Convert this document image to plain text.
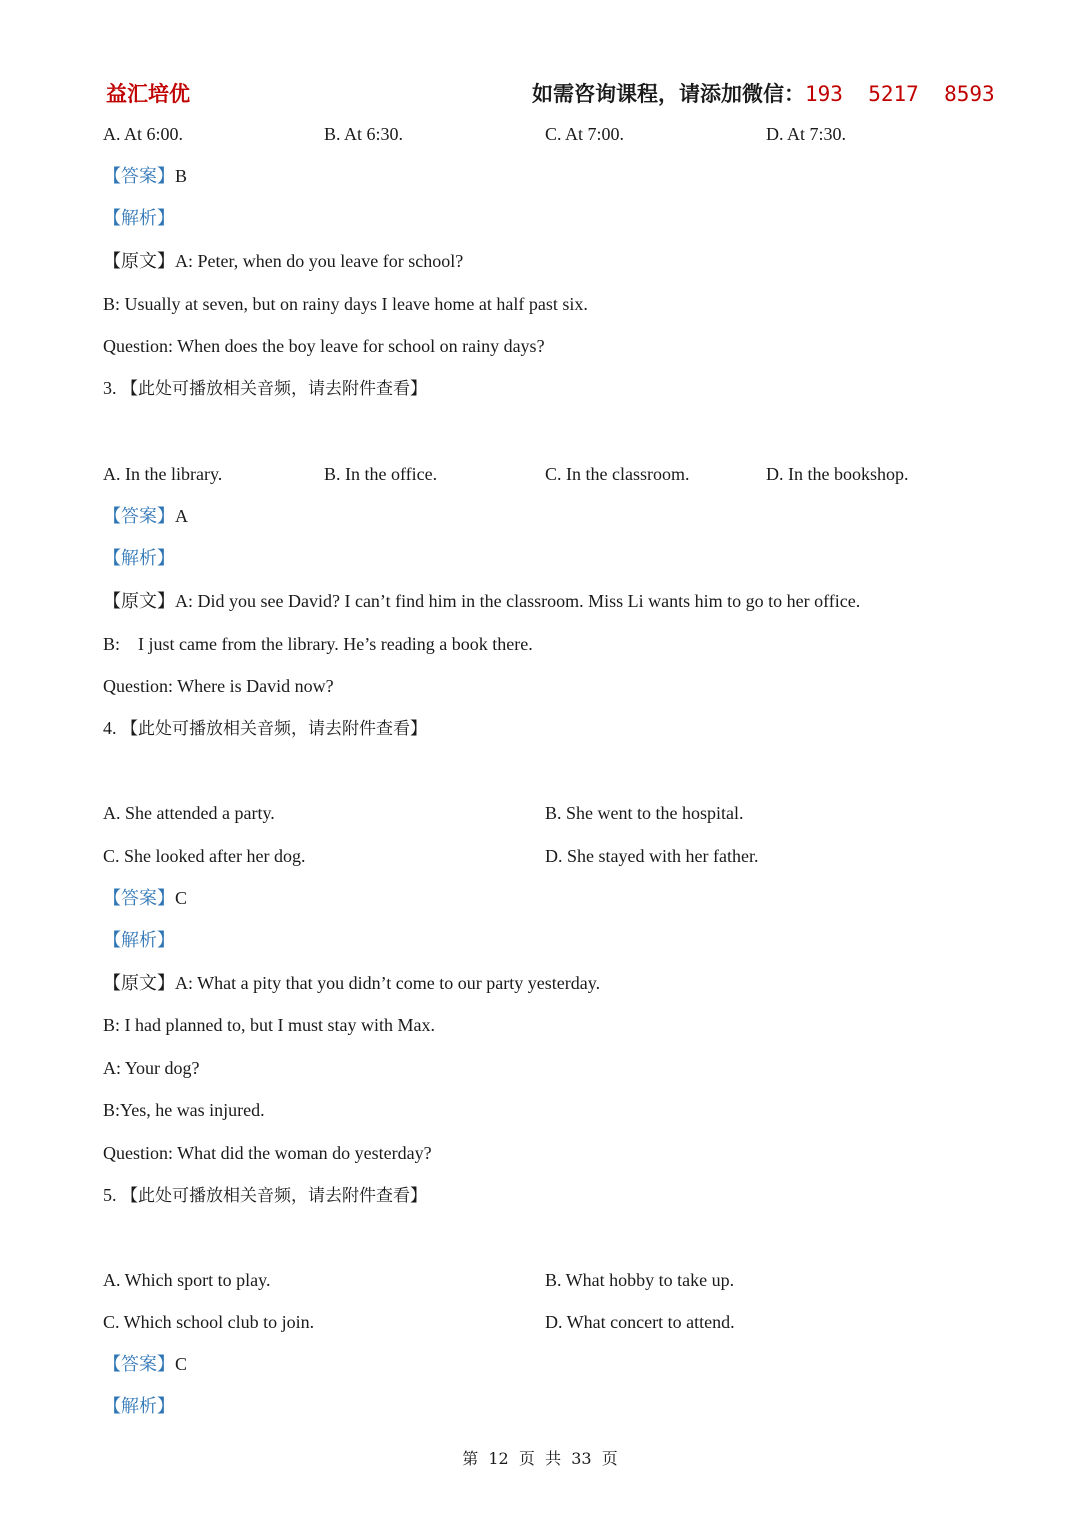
益汇培优	如需咨询课程，请添加微信：193  5217  8593
A. At 6:00.	B. At 6:30.	C. At 7:00.	D. At 7:30.
【答案】B
【解析】
【原文】A: Peter, when do you leave for school?
B: Usually at seven, but on rainy days I leave home at half past six.
Question: When does the boy leave for school on rainy days?
3. 【此处可播放相关音频，请去附件查看】
A. In the library.	B. In the office.	C. In the classroom.	D. In the bookshop.
【答案】A
【解析】
【原文】A: Did you see David? I can’t find him in the classroom. Miss Li wants him to go to her office.
B:    I just came from the library. He’s reading a book there.
Question: Where is David now?
4. 【此处可播放相关音频，请去附件查看】
A. She attended a party.	B. She went to the hospital.
C. She looked after her dog.	D. She stayed with her father.
【答案】C
【解析】
【原文】A: What a pity that you didn’t come to our party yesterday.
B: I had planned to, but I must stay with Max.
A: Your dog?
B:Yes, he was injured.
Question: What did the woman do yesterday?
5. 【此处可播放相关音频，请去附件查看】
A. Which sport to play.	B. What hobby to take up.
C. Which school club to join.	D. What concert to attend.
【答案】C
【解析】
第  12  页  共  33  页
